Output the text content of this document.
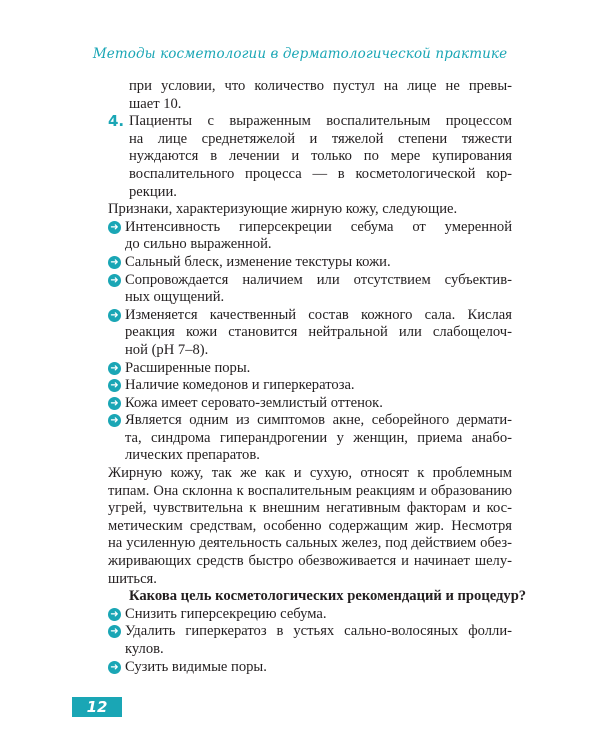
Методы косметологии в дерматологической практике
при условии, что количество пустул на лице не превы-
шает 10.
4. Пациенты с выраженным воспалительным процессом
на лице среднетяжелой и тяжелой степени тяжести
нуждаются в лечении и только по мере купирования
воспалительного процесса — в косметологической кор-
рекции.
Признаки, характеризующие жирную кожу, следующие.
➜ Интенсивность гиперсекреции себума от умеренной
до сильно выраженной.
➜ Сальный блеск, изменение текстуры кожи.
➜ Сопровождается наличием или отсутствием субъектив-
ных ощущений.
➜ Изменяется качественный состав кожного сала. Кислая
реакция кожи становится нейтральной или слабощелоч-
ной (рН 7–8).
➜ Расширенные поры.
➜ Наличие комедонов и гиперкератоза.
➜ Кожа имеет серовато-землистый оттенок.
➜ Является одним из симптомов акне, себорейного дермати-
та, синдрома гиперандрогении у женщин, приема анабо-
лических препаратов.
Жирную кожу, так же как и сухую, относят к проблемным
типам. Она склонна к воспалительным реакциям и образованию
угрей, чувствительна к внешним негативным факторам и кос-
метическим средствам, особенно содержащим жир. Несмотря
на усиленную деятельность сальных желез, под действием обез-
жиривающих средств быстро обезвоживается и начинает шелу-
шиться.
Какова цель косметологических рекомендаций и процедур?
➜ Снизить гиперсекрецию себума.
➜ Удалить гиперкератоз в устьях сально-волосяных фолли-
кулов.
➜ Сузить видимые поры.
12
